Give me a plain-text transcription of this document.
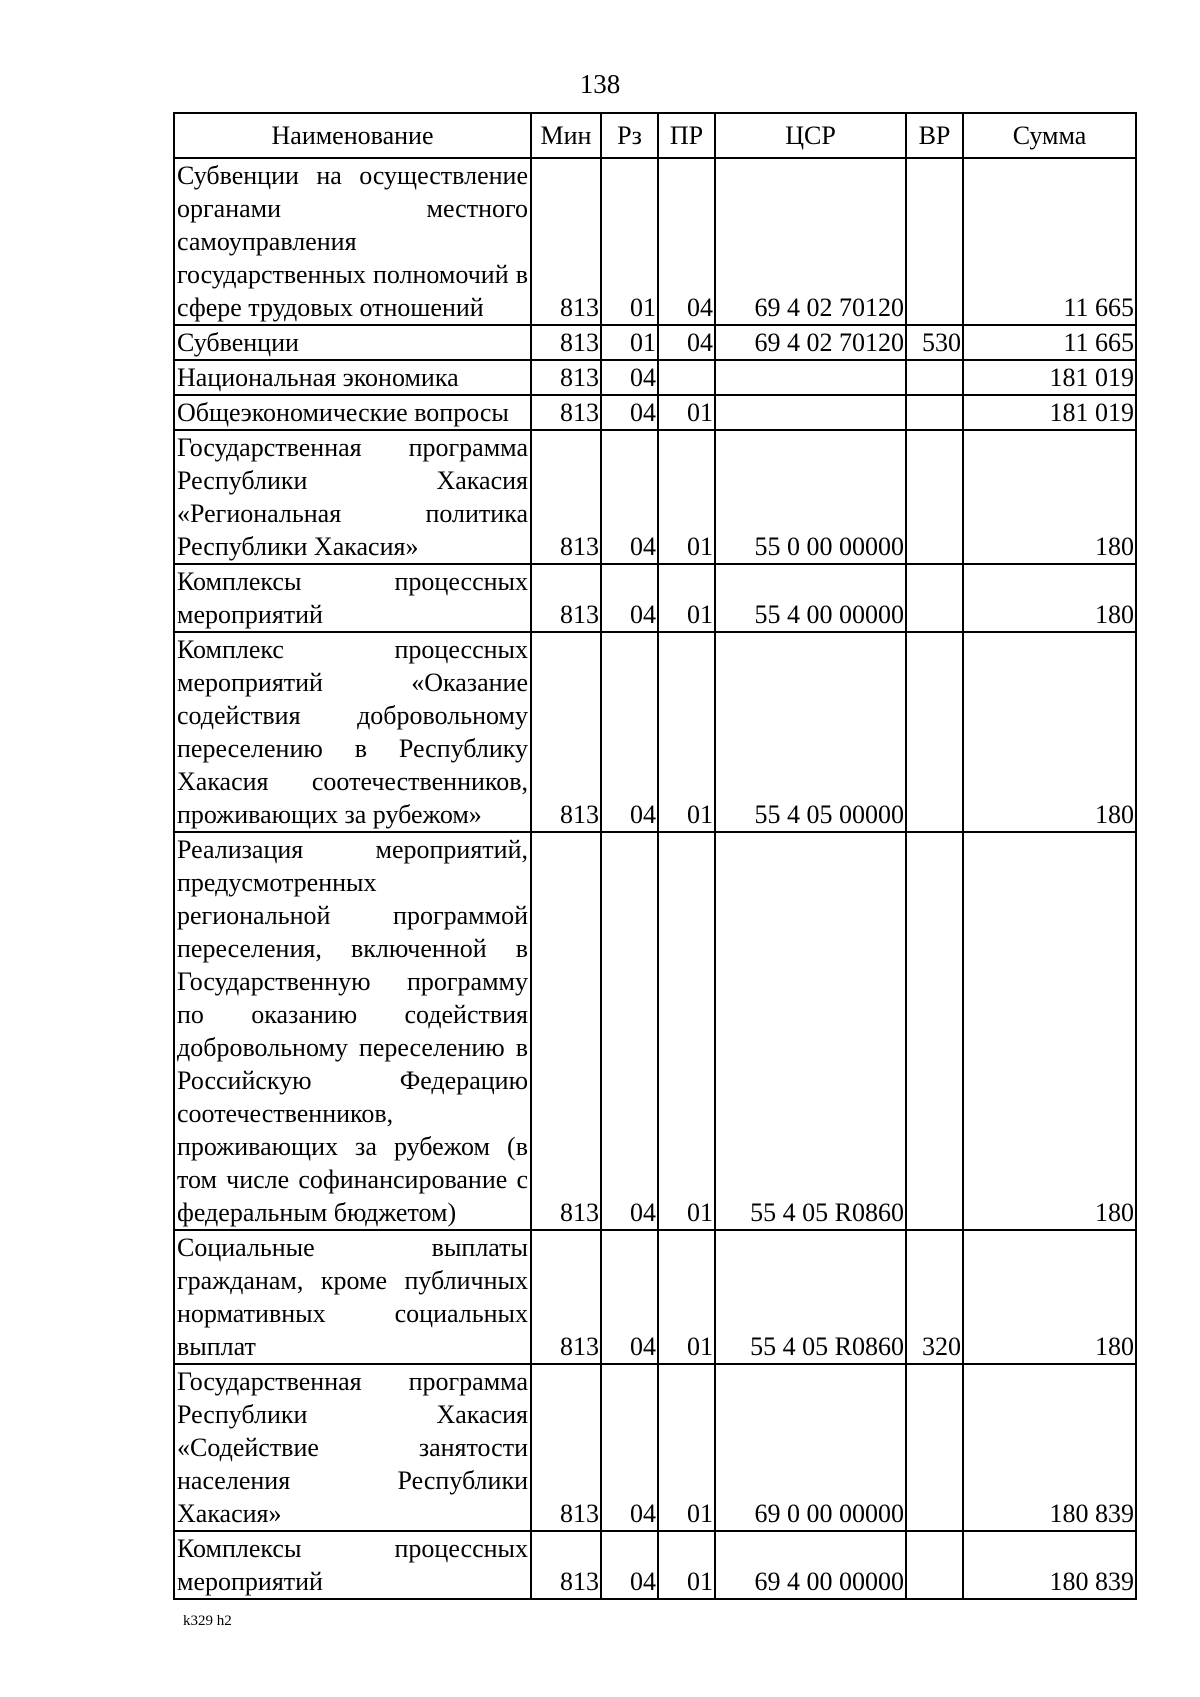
138
Наименование	Мин	Рз	ПР	ЦСР	ВР	Сумма
Субвенции на осуществление органами местного самоуправления государственных полномочий в сфере трудовых отношений	813	01	04	69 4 02 70120		11 665
Субвенции	813	01	04	69 4 02 70120	530	11 665
Национальная экономика	813	04				181 019
Общеэкономические вопросы	813	04	01			181 019
Государственная программа Республики Хакасия «Региональная политика Республики Хакасия»	813	04	01	55 0 00 00000		180
Комплексы процессных мероприятий	813	04	01	55 4 00 00000		180
Комплекс процессных мероприятий «Оказание содействия добровольному переселению в Республику Хакасия соотечественников, проживающих за рубежом»	813	04	01	55 4 05 00000		180
Реализация мероприятий, предусмотренных региональной программой переселения, включенной в Государственную программу по оказанию содействия добровольному переселению в Российскую Федерацию соотечественников, проживающих за рубежом (в том числе софинансирование с федеральным бюджетом)	813	04	01	55 4 05 R0860		180
Социальные выплаты гражданам, кроме публичных нормативных социальных выплат	813	04	01	55 4 05 R0860	320	180
Государственная программа Республики Хакасия «Содействие занятости населения Республики Хакасия»	813	04	01	69 0 00 00000		180 839
Комплексы процессных мероприятий	813	04	01	69 4 00 00000		180 839
k329 h2
